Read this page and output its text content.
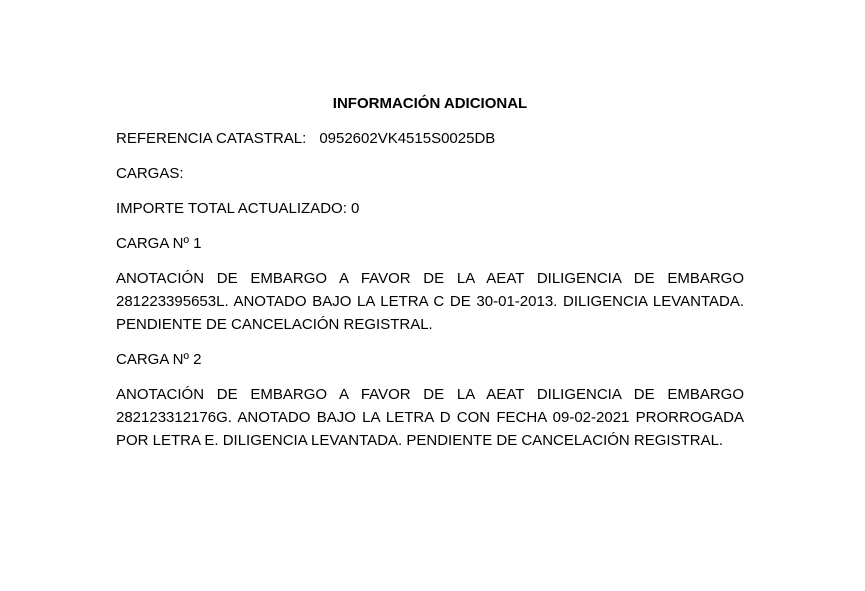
INFORMACIÓN ADICIONAL

REFERENCIA CATASTRAL: 0952602VK4515S0025DB

CARGAS:

IMPORTE TOTAL ACTUALIZADO: 0

CARGA Nº 1

ANOTACIÓN DE EMBARGO A FAVOR DE LA AEAT DILIGENCIA DE EMBARGO 281223395653L. ANOTADO BAJO LA LETRA C DE 30-01-2013. DILIGENCIA LEVANTADA. PENDIENTE DE CANCELACIÓN REGISTRAL.

CARGA Nº 2

ANOTACIÓN DE EMBARGO A FAVOR DE LA AEAT DILIGENCIA DE EMBARGO 282123312176G. ANOTADO BAJO LA LETRA D CON FECHA 09-02-2021 PRORROGADA POR LETRA E. DILIGENCIA LEVANTADA. PENDIENTE DE CANCELACIÓN REGISTRAL.
